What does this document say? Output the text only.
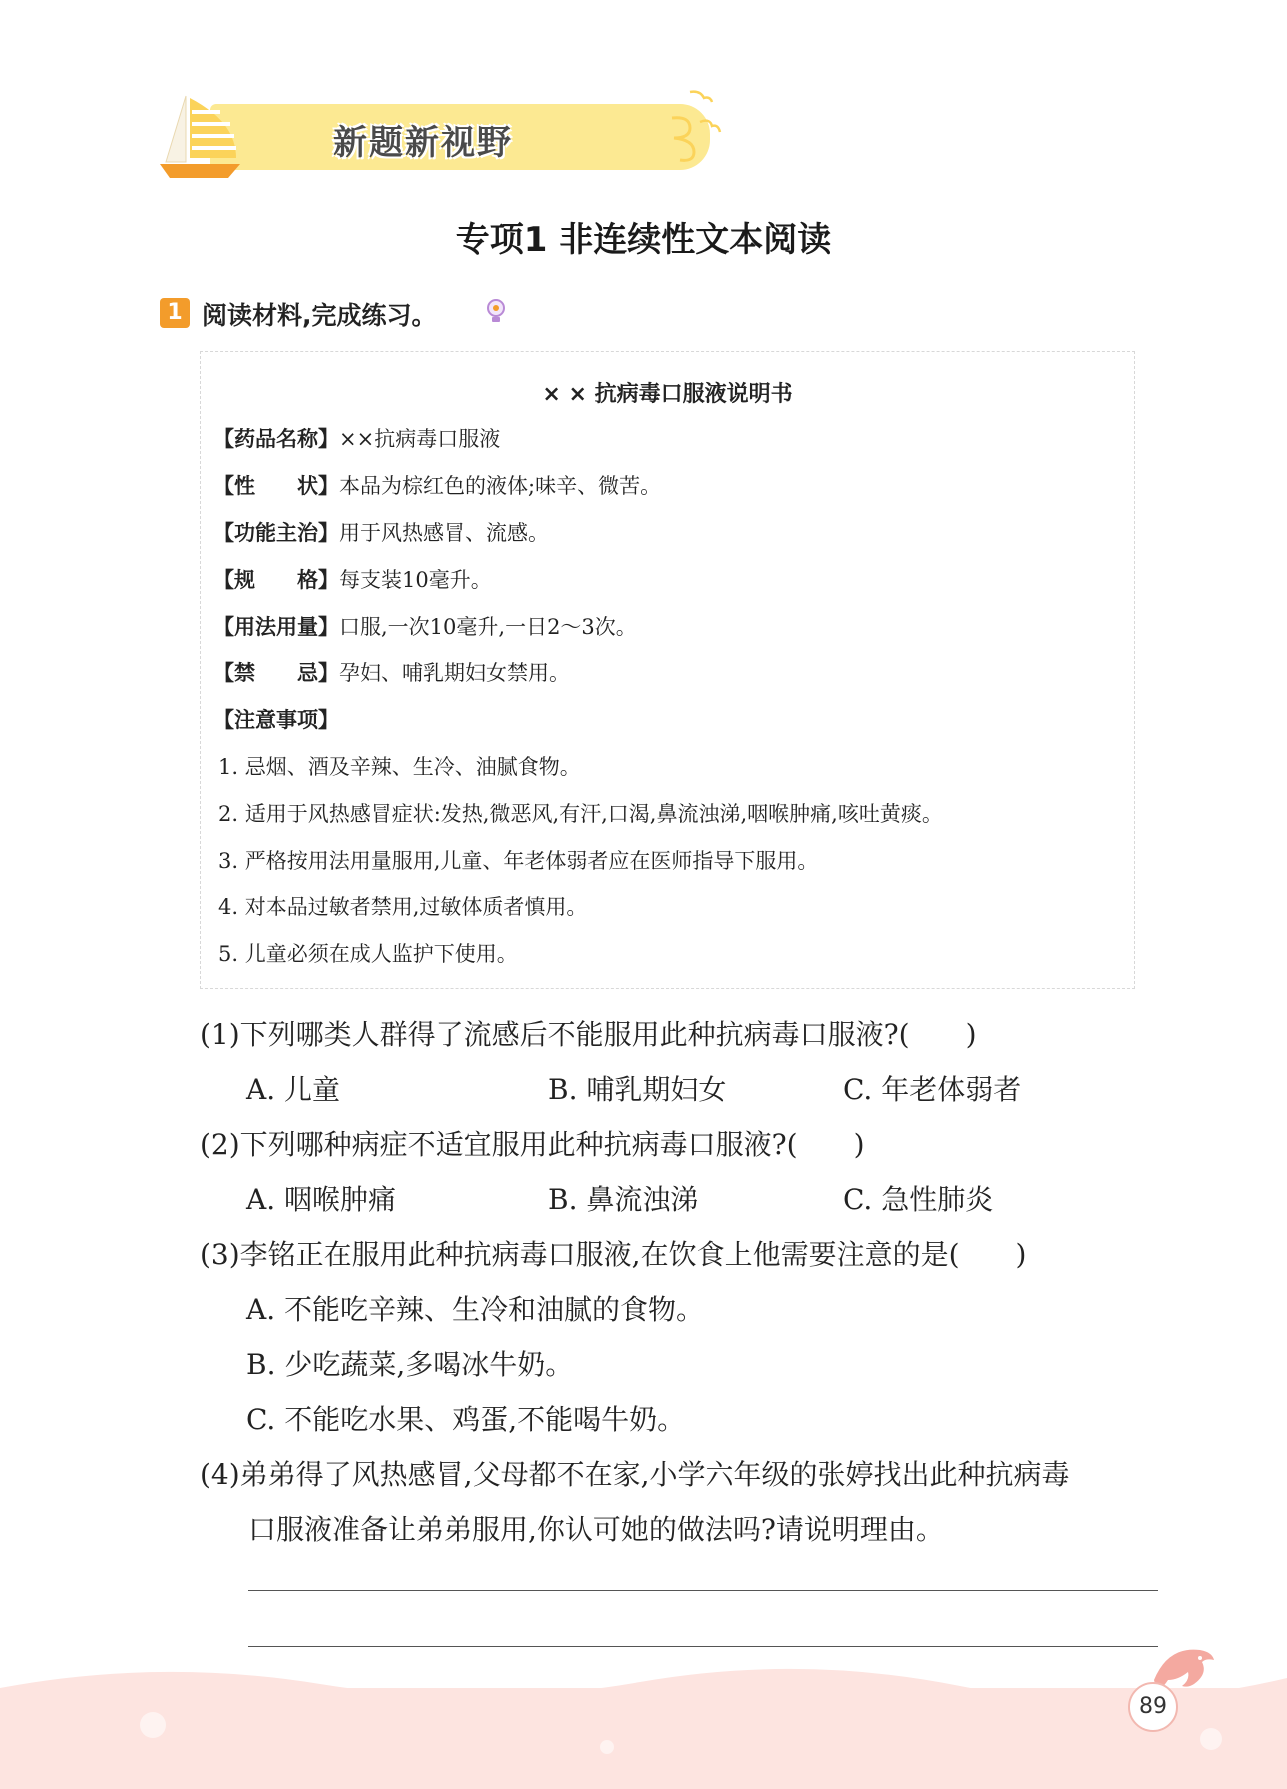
新题新视野
专项1 非连续性文本阅读
1 阅读材料,完成练习。
× × 抗病毒口服液说明书
【药品名称】××抗病毒口服液
【性　　状】本品为棕红色的液体;味辛、微苦。
【功能主治】用于风热感冒、流感。
【规　　格】每支装10毫升。
【用法用量】口服,一次10毫升,一日2～3次。
【禁　　忌】孕妇、哺乳期妇女禁用。
【注意事项】
1. 忌烟、酒及辛辣、生冷、油腻食物。
2. 适用于风热感冒症状:发热,微恶风,有汗,口渴,鼻流浊涕,咽喉肿痛,咳吐黄痰。
3. 严格按用法用量服用,儿童、年老体弱者应在医师指导下服用。
4. 对本品过敏者禁用,过敏体质者慎用。
5. 儿童必须在成人监护下使用。
(1)下列哪类人群得了流感后不能服用此种抗病毒口服液?(　　)
A. 儿童	B. 哺乳期妇女	C. 年老体弱者
(2)下列哪种病症不适宜服用此种抗病毒口服液?(　　)
A. 咽喉肿痛	B. 鼻流浊涕	C. 急性肺炎
(3)李铭正在服用此种抗病毒口服液,在饮食上他需要注意的是(　　)
A. 不能吃辛辣、生冷和油腻的食物。
B. 少吃蔬菜,多喝冰牛奶。
C. 不能吃水果、鸡蛋,不能喝牛奶。
(4)弟弟得了风热感冒,父母都不在家,小学六年级的张婷找出此种抗病毒
口服液准备让弟弟服用,你认可她的做法吗?请说明理由。
89
